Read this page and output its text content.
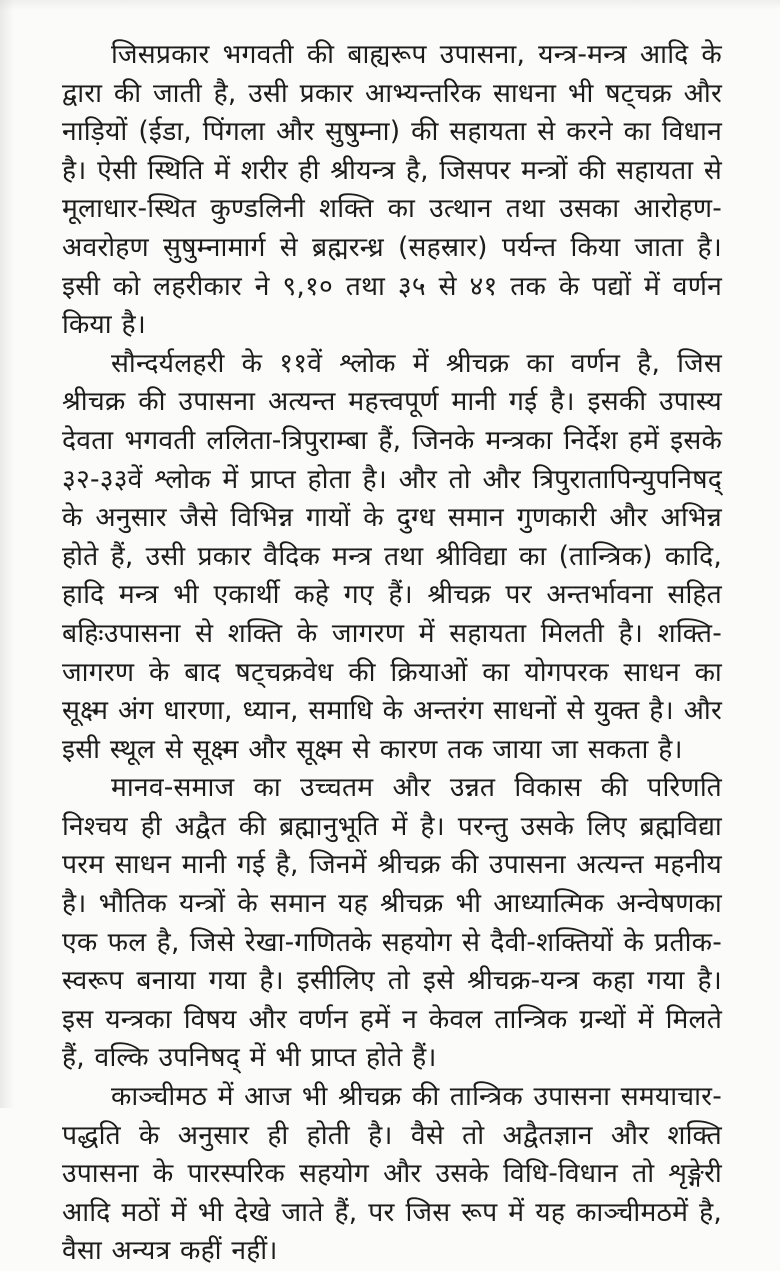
जिसप्रकार भगवती की बाह्यरूप उपासना, यन्त्र-मन्त्र आदि के द्वारा की जाती है, उसी प्रकार आभ्यन्तरिक साधना भी षट्चक्र और नाड़ियों (ईडा, पिंगला और सुषुम्ना) की सहायता से करने का विधान है। ऐसी स्थिति में शरीर ही श्रीयन्त्र है, जिसपर मन्त्रों की सहायता से मूलाधार-स्थित कुण्डलिनी शक्ति का उत्थान तथा उसका आरोहण-अवरोहण सुषुम्नामार्ग से ब्रह्मरन्ध्र (सहस्रार) पर्यन्त किया जाता है। इसी को लहरीकार ने ९,१० तथा ३५ से ४१ तक के पद्यों में वर्णन किया है।

सौन्दर्यलहरी के ११वें श्लोक में श्रीचक्र का वर्णन है, जिस श्रीचक्र की उपासना अत्यन्त महत्त्वपूर्ण मानी गई है। इसकी उपास्य देवता भगवती ललिता-त्रिपुराम्बा हैं, जिनके मन्त्रका निर्देश हमें इसके ३२-३३वें श्लोक में प्राप्त होता है। और तो और त्रिपुरातापिन्युपनिषद् के अनुसार जैसे विभिन्न गायों के दुग्ध समान गुणकारी और अभिन्न होते हैं, उसी प्रकार वैदिक मन्त्र तथा श्रीविद्या का (तान्त्रिक) कादि, हादि मन्त्र भी एकार्थी कहे गए हैं। श्रीचक्र पर अन्तर्भावना सहित बहिःउपासना से शक्ति के जागरण में सहायता मिलती है। शक्ति-जागरण के बाद षट्चक्रवेध की क्रियाओं का योगपरक साधन का सूक्ष्म अंग धारणा, ध्यान, समाधि के अन्तरंग साधनों से युक्त है। और इसी स्थूल से सूक्ष्म और सूक्ष्म से कारण तक जाया जा सकता है।

मानव-समाज का उच्चतम और उन्नत विकास की परिणति निश्चय ही अद्वैत की ब्रह्मानुभूति में है। परन्तु उसके लिए ब्रह्मविद्या परम साधन मानी गई है, जिनमें श्रीचक्र की उपासना अत्यन्त महनीय है। भौतिक यन्त्रों के समान यह श्रीचक्र भी आध्यात्मिक अन्वेषणका एक फल है, जिसे रेखा-गणितके सहयोग से दैवी-शक्तियों के प्रतीक-स्वरूप बनाया गया है। इसीलिए तो इसे श्रीचक्र-यन्त्र कहा गया है। इस यन्त्रका विषय और वर्णन हमें न केवल तान्त्रिक ग्रन्थों में मिलते हैं, वल्कि उपनिषद् में भी प्राप्त होते हैं।

काञ्चीमठ में आज भी श्रीचक्र की तान्त्रिक उपासना समयाचार-पद्धति के अनुसार ही होती है। वैसे तो अद्वैतज्ञान और शक्ति उपासना के पारस्परिक सहयोग और उसके विधि-विधान तो शृङ्गेरी आदि मठों में भी देखे जाते हैं, पर जिस रूप में यह काञ्चीमठमें है, वैसा अन्यत्र कहीं नहीं।
